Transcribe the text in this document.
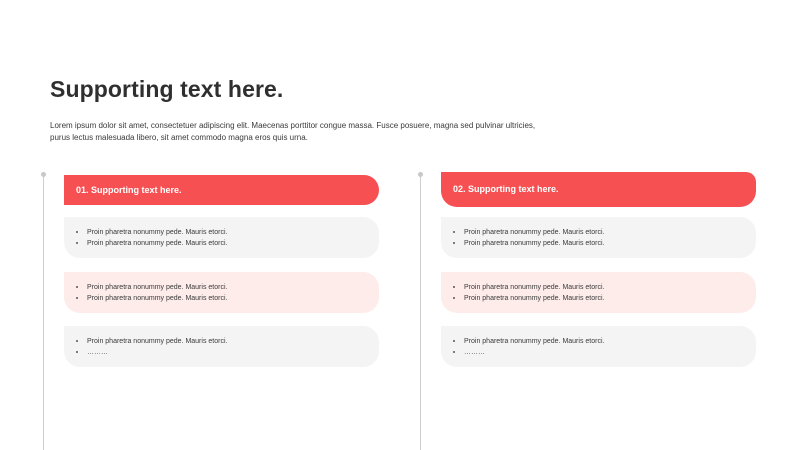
Supporting text here.

Lorem ipsum dolor sit amet, consectetuer adipiscing elit. Maecenas porttitor congue massa. Fusce posuere, magna sed pulvinar ultricies,
purus lectus malesuada libero, sit amet commodo magna eros quis urna.

01. Supporting text here.
Proin pharetra nonummy pede. Mauris etorci.
Proin pharetra nonummy pede. Mauris etorci.
Proin pharetra nonummy pede. Mauris etorci.
Proin pharetra nonummy pede. Mauris etorci.
Proin pharetra nonummy pede. Mauris etorci.
………
02. Supporting text here.
Proin pharetra nonummy pede. Mauris etorci.
Proin pharetra nonummy pede. Mauris etorci.
Proin pharetra nonummy pede. Mauris etorci.
Proin pharetra nonummy pede. Mauris etorci.
Proin pharetra nonummy pede. Mauris etorci.
………
